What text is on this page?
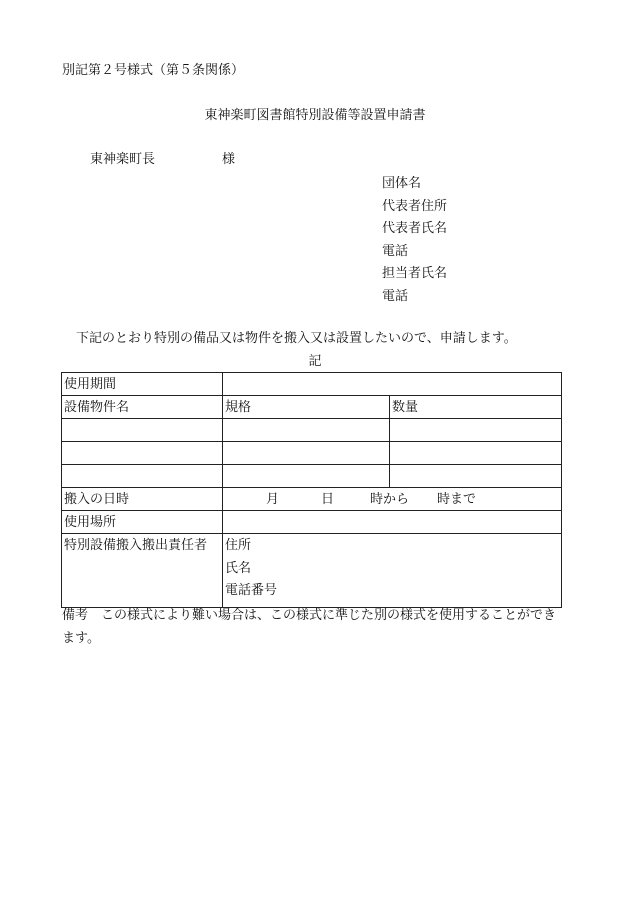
別記第２号様式（第５条関係）
東神楽町図書館特別設備等設置申請書
東神楽町長	様
団体名
代表者住所
代表者氏名
電話
担当者氏名
電話
下記のとおり特別の備品又は物件を搬入又は設置したいので、申請します。
記
使用期間		
設備物件名	規格	数量

搬入の日時	月 日 時から 時まで	

使用場所		
特別設備搬入搬出責任者	住所
氏名
電話番号	
備考 この様式により難い場合は、この様式に準じた別の様式を使用することができます。
